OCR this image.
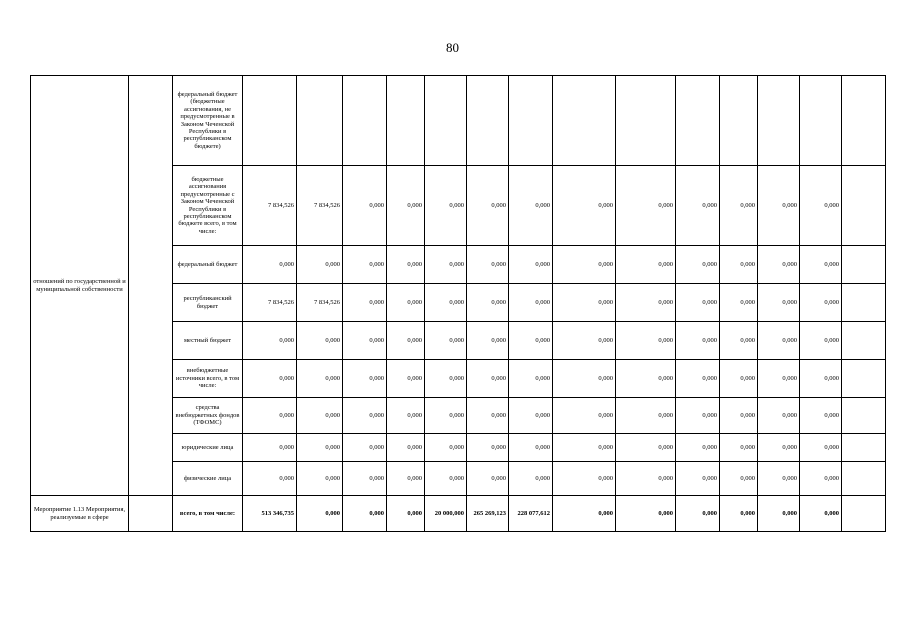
80
отношений по государственной и муниципальной собственности		федеральный бюджет (бюджетные ассигнования, не предусмотренные в Законом Чеченской Республики в республиканском бюджете)														
		бюджетные ассигнования предусмотренные с Законом Чеченской Республики в республиканском бюджете всего, в том числе:	7 834,526	7 834,526	0,000	0,000	0,000	0,000	0,000	0,000	0,000	0,000	0,000	0,000	0,000	
		федеральный бюджет	0,000	0,000	0,000	0,000	0,000	0,000	0,000	0,000	0,000	0,000	0,000	0,000	0,000	
		республиканский бюджет	7 834,526	7 834,526	0,000	0,000	0,000	0,000	0,000	0,000	0,000	0,000	0,000	0,000	0,000	
		местный бюджет	0,000	0,000	0,000	0,000	0,000	0,000	0,000	0,000	0,000	0,000	0,000	0,000	0,000	
		внебюджетные источники всего, в том числе:	0,000	0,000	0,000	0,000	0,000	0,000	0,000	0,000	0,000	0,000	0,000	0,000	0,000	
		средства внебюджетных фондов (ТФОМС)	0,000	0,000	0,000	0,000	0,000	0,000	0,000	0,000	0,000	0,000	0,000	0,000	0,000	
		юридические лица	0,000	0,000	0,000	0,000	0,000	0,000	0,000	0,000	0,000	0,000	0,000	0,000	0,000	
		физические лица	0,000	0,000	0,000	0,000	0,000	0,000	0,000	0,000	0,000	0,000	0,000	0,000	0,000	
Мероприятие 1.13 Мероприятия, реализуемые в сфере		всего, в том числе:	513 346,735	0,000	0,000	0,000	20 000,000	265 269,123	228 077,612	0,000	0,000	0,000	0,000	0,000	0,000	
